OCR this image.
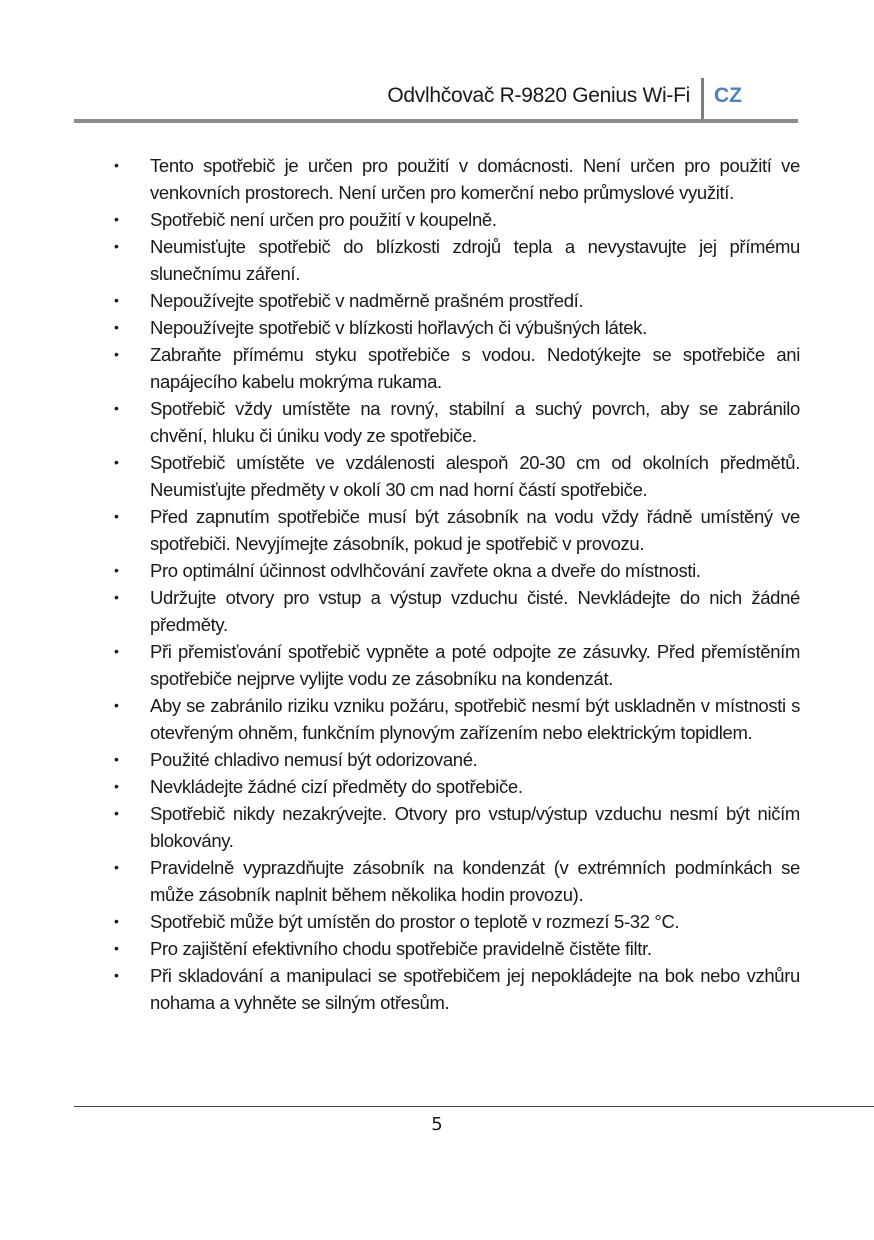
Odvlhčovač R-9820 Genius Wi-Fi CZ
• Tento spotřebič je určen pro použití v domácnosti. Není určen pro použití ve venkovních prostorech. Není určen pro komerční nebo průmyslové využití.
• Spotřebič není určen pro použití v koupelně.
• Neumisťujte spotřebič do blízkosti zdrojů tepla a nevystavujte jej přímému slunečnímu záření.
• Nepoužívejte spotřebič v nadměrně prašném prostředí.
• Nepoužívejte spotřebič v blízkosti hořlavých či výbušných látek.
• Zabraňte přímému styku spotřebiče s vodou. Nedotýkejte se spotřebiče ani napájecího kabelu mokrýma rukama.
• Spotřebič vždy umístěte na rovný, stabilní a suchý povrch, aby se zabránilo chvění, hluku či úniku vody ze spotřebiče.
• Spotřebič umístěte ve vzdálenosti alespoň 20-30 cm od okolních předmětů. Neumisťujte předměty v okolí 30 cm nad horní částí spotřebiče.
• Před zapnutím spotřebiče musí být zásobník na vodu vždy řádně umístěný ve spotřebiči. Nevyjímejte zásobník, pokud je spotřebič v provozu.
• Pro optimální účinnost odvlhčování zavřete okna a dveře do místnosti.
• Udržujte otvory pro vstup a výstup vzduchu čisté. Nevkládejte do nich žádné předměty.
• Při přemisťování spotřebič vypněte a poté odpojte ze zásuvky. Před přemístěním spotřebiče nejprve vylijte vodu ze zásobníku na kondenzát.
• Aby se zabránilo riziku vzniku požáru, spotřebič nesmí být uskladněn v místnosti s otevřeným ohněm, funkčním plynovým zařízením nebo elektrickým topidlem.
• Použité chladivo nemusí být odorizované.
• Nevkládejte žádné cizí předměty do spotřebiče.
• Spotřebič nikdy nezakrývejte. Otvory pro vstup/výstup vzduchu nesmí být ničím blokovány.
• Pravidelně vyprazdňujte zásobník na kondenzát (v extrémních podmínkách se může zásobník naplnit během několika hodin provozu).
• Spotřebič může být umístěn do prostor o teplotě v rozmezí 5-32 °C.
• Pro zajištění efektivního chodu spotřebiče pravidelně čistěte filtr.
• Při skladování a manipulaci se spotřebičem jej nepokládejte na bok nebo vzhůru nohama a vyhněte se silným otřesům.
5
